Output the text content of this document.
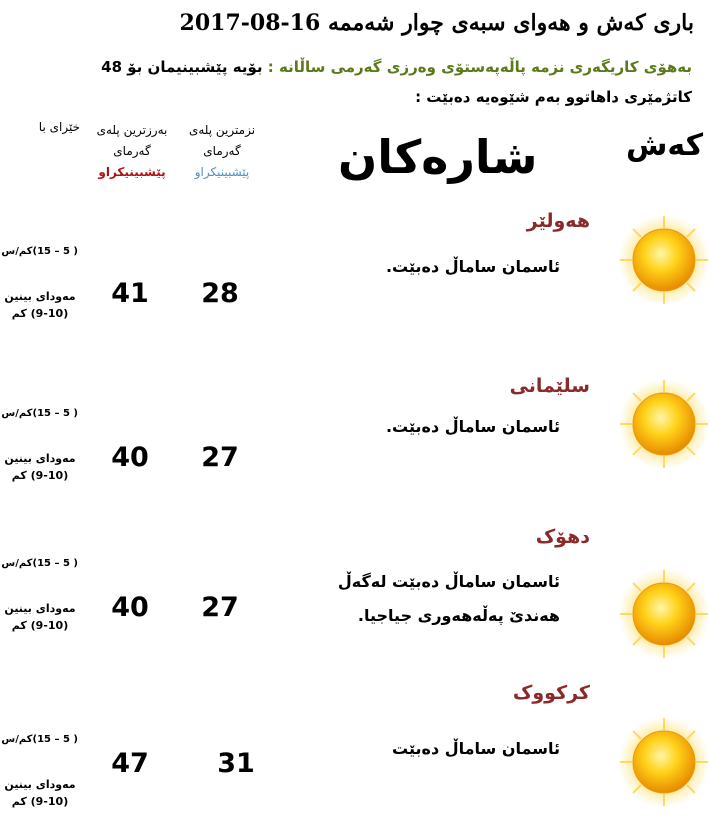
باری کەش و هەوای سبەی چوار شەممە 16-08-2017
بەهۆی کاریگەری نزمە پاڵەپەستۆی وەرزی گەرمی ساڵانە : بۆیە پێشبینیمان بۆ 48
کاتژمێری داهاتوو بەم شێوەیە دەبێت :
خێرای با	بەرزترین پلەی گەرمای
پێشبینیكراو
نزمترین پلەی گەرمای
پێشبینیكراو شارەکان	کەش
هەولێر
ئاسمان ساماڵ دەبێت.
28
41
( 5 – 15)کم/س
مەودای بینین
(9-10) کم
سلێمانی
ئاسمان ساماڵ دەبێت.
27
40
( 5 – 15)کم/س
مەودای بینین
(9-10) کم
دهۆک
ئاسمان ساماڵ دەبێت لەگەڵ
هەندێ پەڵەهەوری جیاجیا.
27
40
( 5 – 15)کم/س
مەودای بینین
(9-10) کم
کرکووک
ئاسمان ساماڵ دەبێت
31
47
( 5 – 15)کم/س
مەودای بینین
(9-10) کم
